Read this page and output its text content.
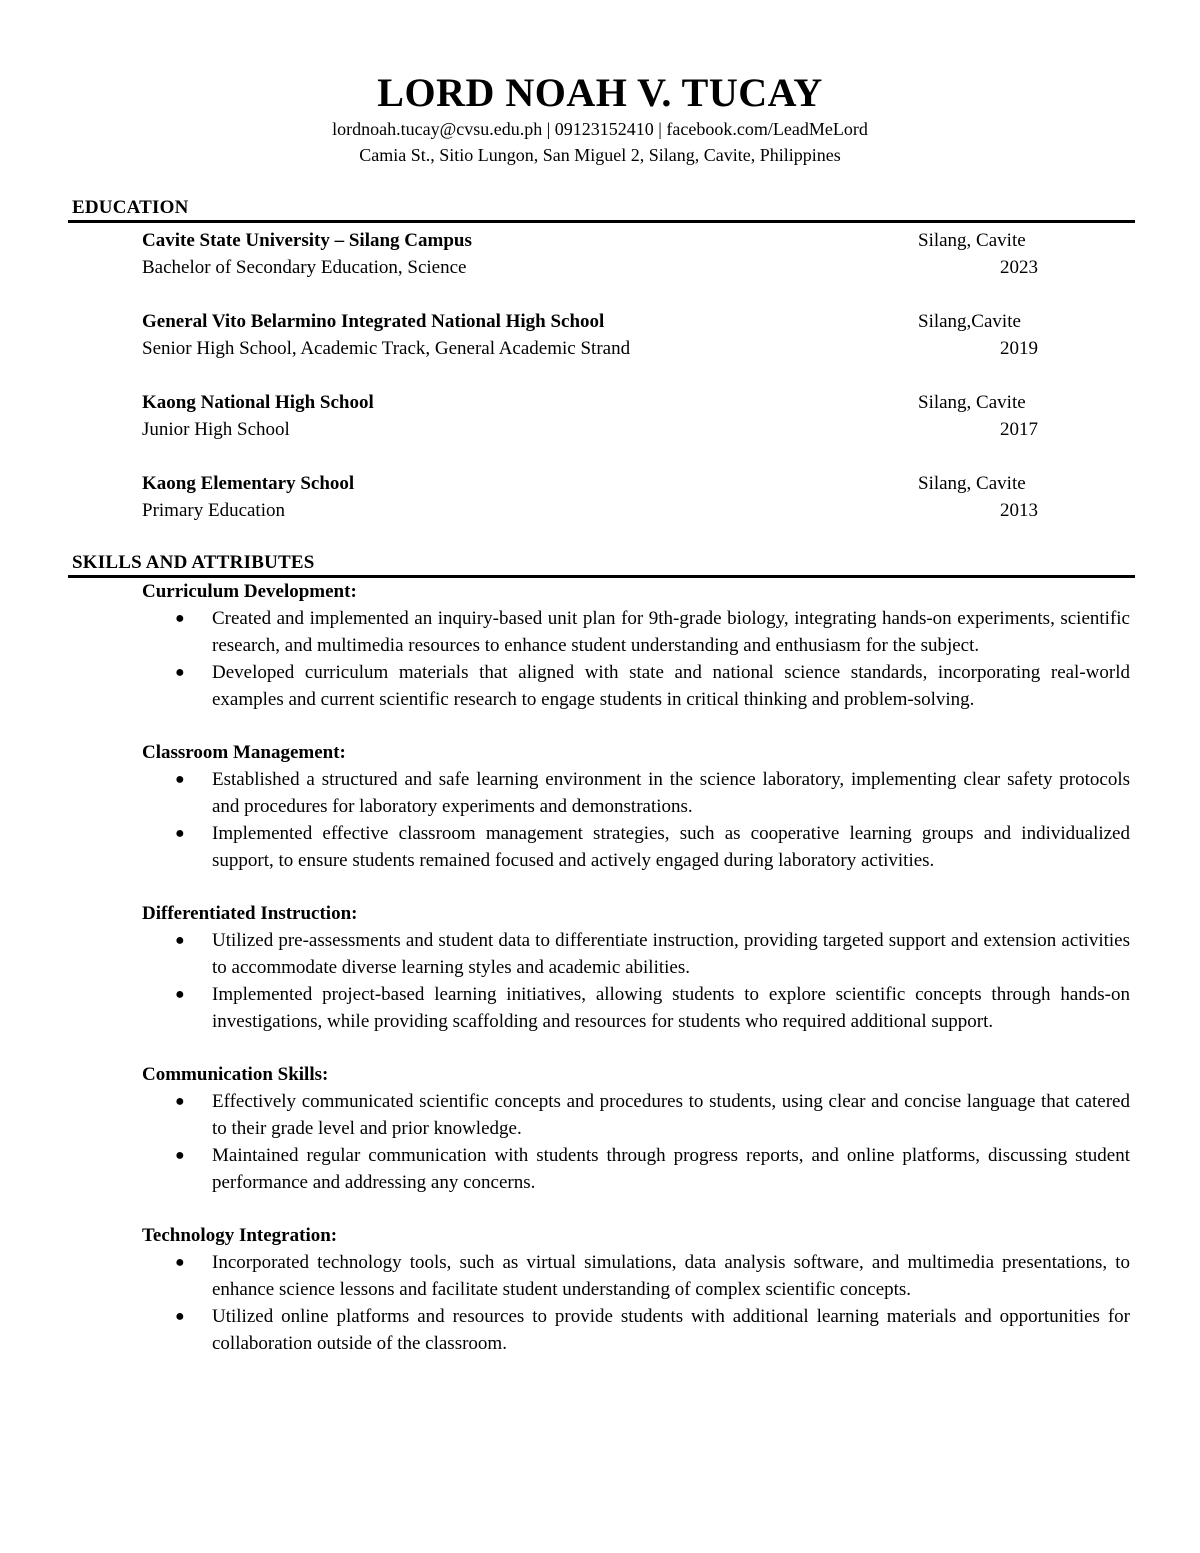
LORD NOAH V. TUCAY

lordnoah.tucay@cvsu.edu.ph | 09123152410 | facebook.com/LeadMeLord

Camia St., Sitio Lungon, San Miguel 2, Silang, Cavite, Philippines

EDUCATION
Cavite State University – Silang Campus	Silang, Cavite
Bachelor of Secondary Education, Science	2023
General Vito Belarmino Integrated National High School	Silang,Cavite
Senior High School, Academic Track, General Academic Strand	2019
Kaong National High School	Silang, Cavite
Junior High School	2017
Kaong Elementary School	Silang, Cavite
Primary Education	2013
SKILLS AND ATTRIBUTES
Curriculum Development:
● Created and implemented an inquiry-based unit plan for 9th-grade biology, integrating hands-on experiments, scientific research, and multimedia resources to enhance student understanding and enthusiasm for the subject.
● Developed curriculum materials that aligned with state and national science standards, incorporating real-world examples and current scientific research to engage students in critical thinking and problem-solving.
Classroom Management:
● Established a structured and safe learning environment in the science laboratory, implementing clear safety protocols and procedures for laboratory experiments and demonstrations.
● Implemented effective classroom management strategies, such as cooperative learning groups and individualized support, to ensure students remained focused and actively engaged during laboratory activities.
Differentiated Instruction:
● Utilized pre-assessments and student data to differentiate instruction, providing targeted support and extension activities to accommodate diverse learning styles and academic abilities.
● Implemented project-based learning initiatives, allowing students to explore scientific concepts through hands-on investigations, while providing scaffolding and resources for students who required additional support.
Communication Skills:
● Effectively communicated scientific concepts and procedures to students, using clear and concise language that catered to their grade level and prior knowledge.
● Maintained regular communication with students through progress reports, and online platforms, discussing student performance and addressing any concerns.
Technology Integration:
● Incorporated technology tools, such as virtual simulations, data analysis software, and multimedia presentations, to enhance science lessons and facilitate student understanding of complex scientific concepts.
● Utilized online platforms and resources to provide students with additional learning materials and opportunities for collaboration outside of the classroom.
